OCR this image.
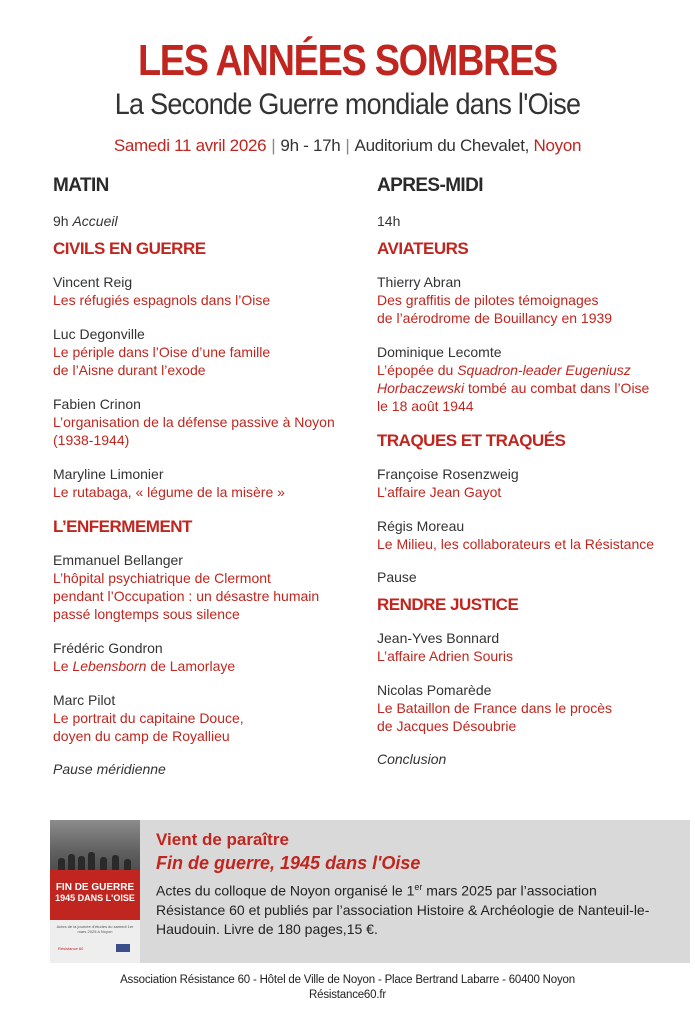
LES ANNÉES SOMBRES
La Seconde Guerre mondiale dans l'Oise
Samedi 11 avril 2026 | 9h - 17h | Auditorium du Chevalet, Noyon
MATIN
9h Accueil
CIVILS EN GUERRE
Vincent Reig
Les réfugiés espagnols dans l’Oise
Luc Degonville
Le périple dans l’Oise d’une famille
de l’Aisne durant l’exode
Fabien Crinon
L’organisation de la défense passive à Noyon
(1938-1944)
Maryline Limonier
Le rutabaga, « légume de la misère »
L’ENFERMEMENT
Emmanuel Bellanger
L’hôpital psychiatrique de Clermont
pendant l’Occupation : un désastre humain
passé longtemps sous silence
Frédéric Gondron
Le Lebensborn de Lamorlaye
Marc Pilot
Le portrait du capitaine Douce,
doyen du camp de Royallieu
Pause méridienne
APRES-MIDI
14h
AVIATEURS
Thierry Abran
Des graffitis de pilotes témoignages
de l’aérodrome de Bouillancy en 1939
Dominique Lecomte
L’épopée du Squadron-leader Eugeniusz
Horbaczewski tombé au combat dans l’Oise
le 18 août 1944
TRAQUES ET TRAQUÉS
Françoise Rosenzweig
L’affaire Jean Gayot
Régis Moreau
Le Milieu, les collaborateurs et la Résistance
Pause
RENDRE JUSTICE
Jean-Yves Bonnard
L’affaire Adrien Souris
Nicolas Pomarède
Le Bataillon de France dans le procès
de Jacques Désoubrie
Conclusion
FIN DE GUERRE
1945 DANS L'OISE
Actes de la journée d'études du samedi 1er mars 2025 à Noyon
Résistance 60
Vient de paraître
Fin de guerre, 1945 dans l'Oise
Actes du colloque de Noyon organisé le 1er mars 2025 par l’association
Résistance 60 et publiés par l’association Histoire & Archéologie de Nanteuil-le-
Haudouin. Livre de 180 pages,15 €.
Association Résistance 60 - Hôtel de Ville de Noyon - Place Bertrand Labarre - 60400 Noyon
Résistance60.fr
